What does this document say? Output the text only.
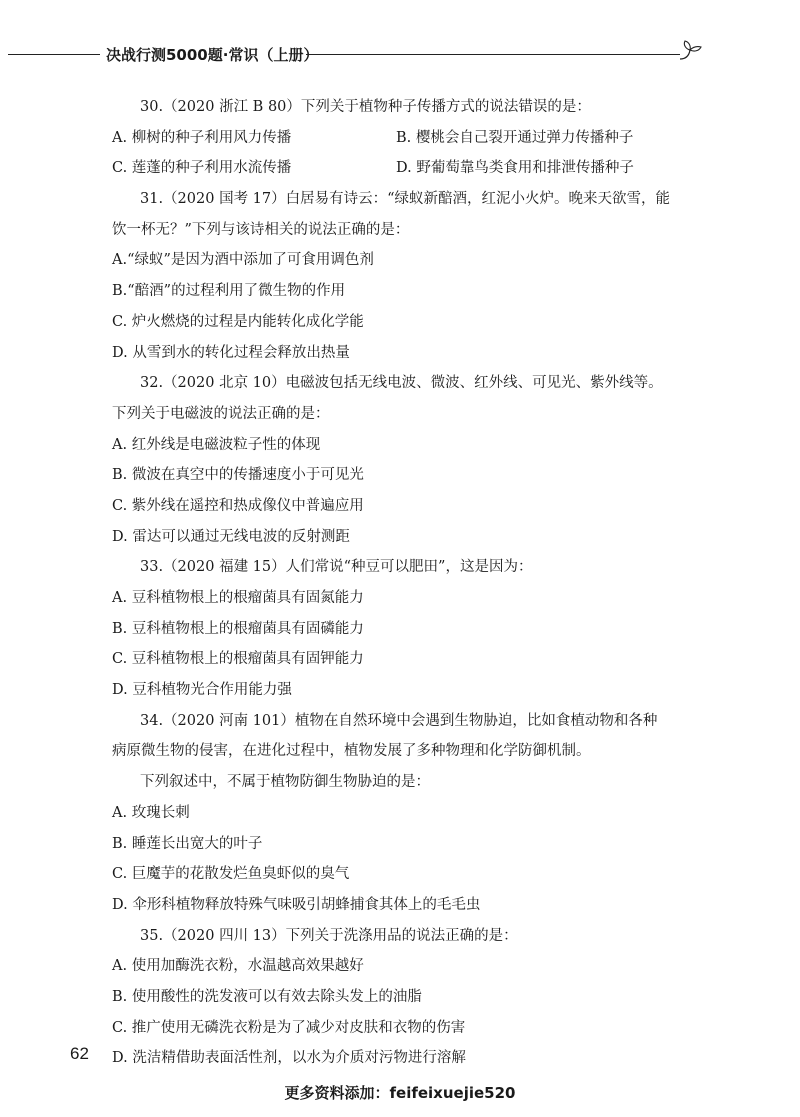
决战行测5000题·常识（上册）
30.（2020 浙江 B 80）下列关于植物种子传播方式的说法错误的是：
A. 柳树的种子利用风力传播	B. 樱桃会自己裂开通过弹力传播种子
C. 莲蓬的种子利用水流传播	D. 野葡萄靠鸟类食用和排泄传播种子
31.（2020 国考 17）白居易有诗云：“绿蚁新醅酒，红泥小火炉。晚来天欲雪，能
饮一杯无？”下列与该诗相关的说法正确的是：
A.“绿蚁”是因为酒中添加了可食用调色剂
B.“醅酒”的过程利用了微生物的作用
C. 炉火燃烧的过程是内能转化成化学能
D. 从雪到水的转化过程会释放出热量
32.（2020 北京 10）电磁波包括无线电波、微波、红外线、可见光、紫外线等。
下列关于电磁波的说法正确的是：
A. 红外线是电磁波粒子性的体现
B. 微波在真空中的传播速度小于可见光
C. 紫外线在遥控和热成像仪中普遍应用
D. 雷达可以通过无线电波的反射测距
33.（2020 福建 15）人们常说“种豆可以肥田”，这是因为：
A. 豆科植物根上的根瘤菌具有固氮能力
B. 豆科植物根上的根瘤菌具有固磷能力
C. 豆科植物根上的根瘤菌具有固钾能力
D. 豆科植物光合作用能力强
34.（2020 河南 101）植物在自然环境中会遇到生物胁迫，比如食植动物和各种
病原微生物的侵害，在进化过程中，植物发展了多种物理和化学防御机制。
下列叙述中，不属于植物防御生物胁迫的是：
A. 玫瑰长刺
B. 睡莲长出宽大的叶子
C. 巨魔芋的花散发烂鱼臭虾似的臭气
D. 伞形科植物释放特殊气味吸引胡蜂捕食其体上的毛毛虫
35.（2020 四川 13）下列关于洗涤用品的说法正确的是：
A. 使用加酶洗衣粉，水温越高效果越好
B. 使用酸性的洗发液可以有效去除头发上的油脂
C. 推广使用无磷洗衣粉是为了减少对皮肤和衣物的伤害
D. 洗洁精借助表面活性剂，以水为介质对污物进行溶解
62
更多资料添加：feifeixuejie520
